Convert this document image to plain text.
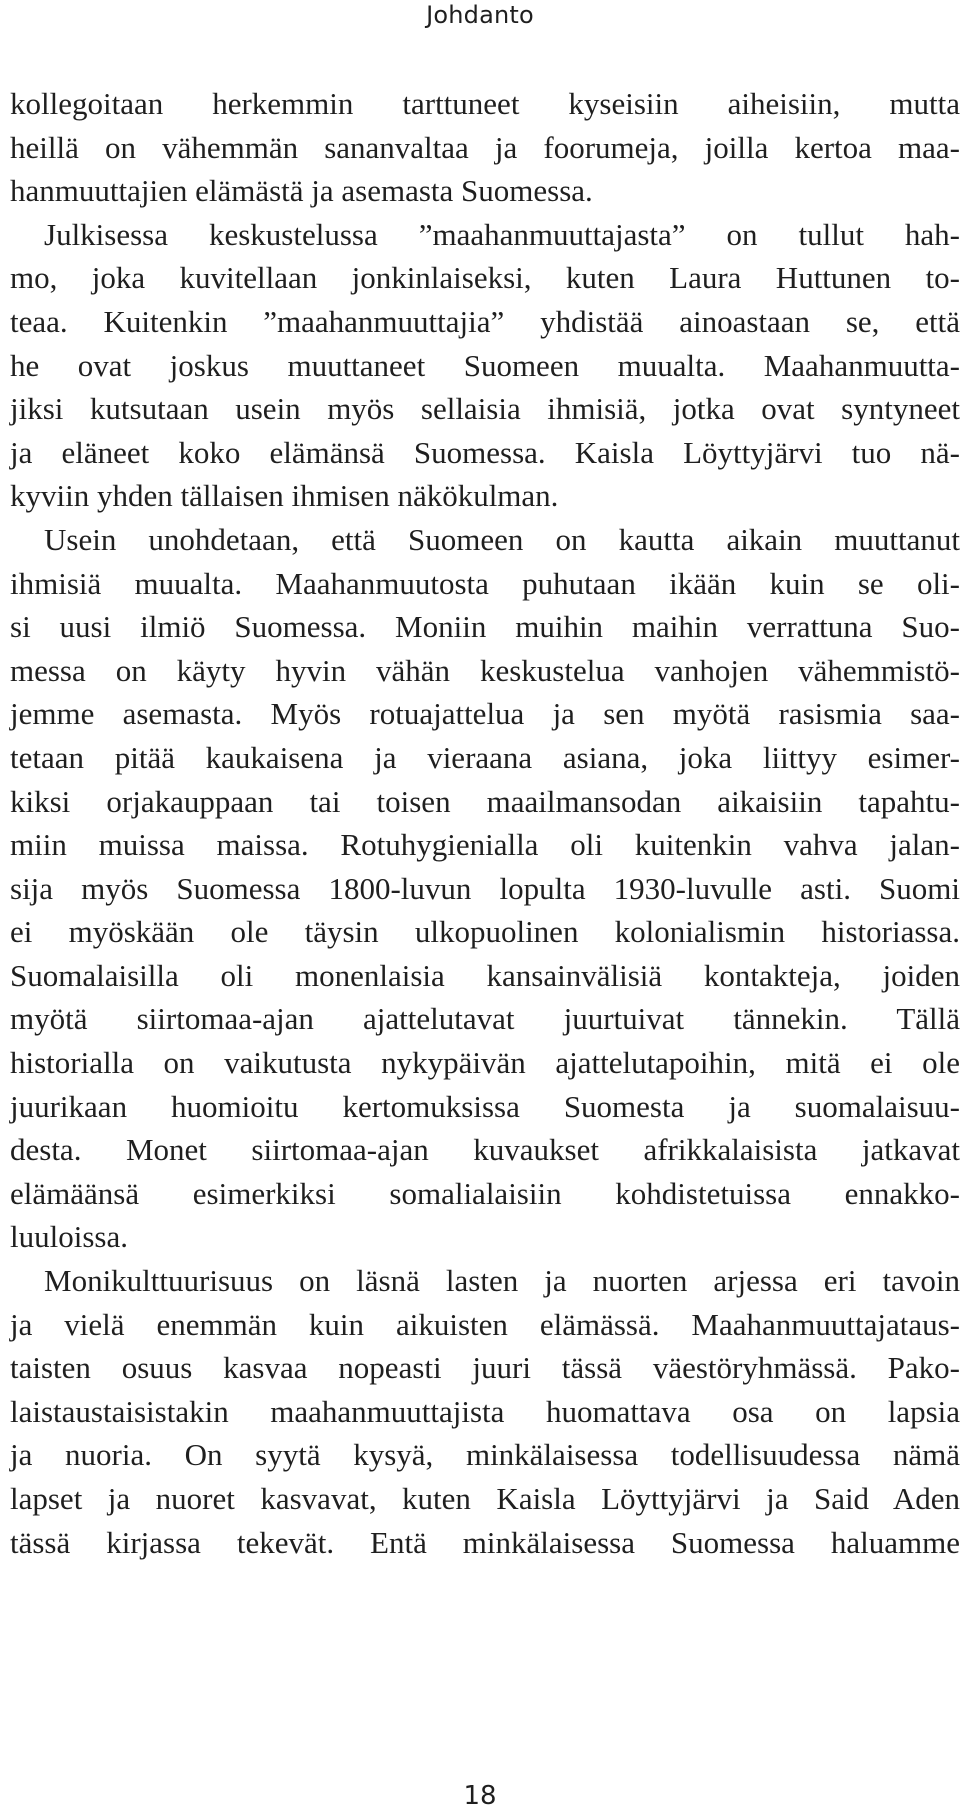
Johdanto
kollegoitaan herkemmin tarttuneet kyseisiin aiheisiin, mutta
heillä on vähemmän sananvaltaa ja foorumeja, joilla kertoa maa-
hanmuuttajien elämästä ja asemasta Suomessa.
Julkisessa keskustelussa ”maahanmuuttajasta” on tullut hah-
mo, joka kuvitellaan jonkinlaiseksi, kuten Laura Huttunen to-
teaa. Kuitenkin ”maahanmuuttajia” yhdistää ainoastaan se, että
he ovat joskus muuttaneet Suomeen muualta. Maahanmuutta-
jiksi kutsutaan usein myös sellaisia ihmisiä, jotka ovat syntyneet
ja eläneet koko elämänsä Suomessa. Kaisla Löyttyjärvi tuo nä-
kyviin yhden tällaisen ihmisen näkökulman.
Usein unohdetaan, että Suomeen on kautta aikain muuttanut
ihmisiä muualta. Maahanmuutosta puhutaan ikään kuin se oli-
si uusi ilmiö Suomessa. Moniin muihin maihin verrattuna Suo-
messa on käyty hyvin vähän keskustelua vanhojen vähemmistö-
jemme asemasta. Myös rotuajattelua ja sen myötä rasismia saa-
tetaan pitää kaukaisena ja vieraana asiana, joka liittyy esimer-
kiksi orjakauppaan tai toisen maailmansodan aikaisiin tapahtu-
miin muissa maissa. Rotuhygienialla oli kuitenkin vahva jalan-
sija myös Suomessa 1800-luvun lopulta 1930-luvulle asti. Suomi
ei myöskään ole täysin ulkopuolinen kolonialismin historiassa.
Suomalaisilla oli monenlaisia kansainvälisiä kontakteja, joiden
myötä siirtomaa-ajan ajattelutavat juurtuivat tännekin. Tällä
historialla on vaikutusta nykypäivän ajattelutapoihin, mitä ei ole
juurikaan huomioitu kertomuksissa Suomesta ja suomalaisuu-
desta. Monet siirtomaa-ajan kuvaukset afrikkalaisista jatkavat
elämäänsä esimerkiksi somalialaisiin kohdistetuissa ennakko-
luuloissa.
Monikulttuurisuus on läsnä lasten ja nuorten arjessa eri tavoin
ja vielä enemmän kuin aikuisten elämässä. Maahanmuuttajataus-
taisten osuus kasvaa nopeasti juuri tässä väestöryhmässä. Pako-
laistaustaisistakin maahanmuuttajista huomattava osa on lapsia
ja nuoria. On syytä kysyä, minkälaisessa todellisuudessa nämä
lapset ja nuoret kasvavat, kuten Kaisla Löyttyjärvi ja Said Aden
tässä kirjassa tekevät. Entä minkälaisessa Suomessa haluamme
18
